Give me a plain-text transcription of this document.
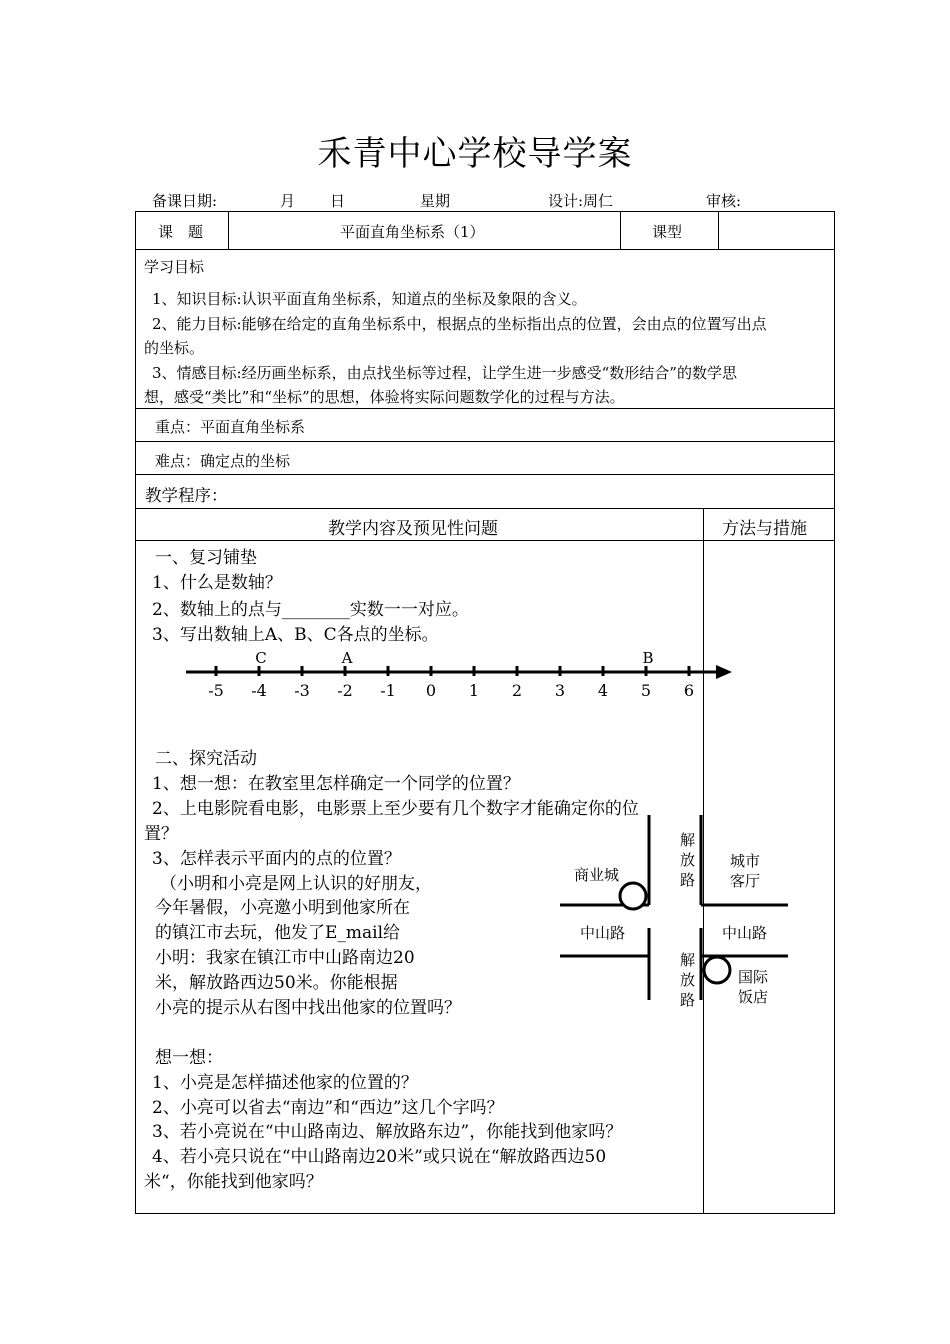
禾青中心学校导学案
备课日期:	月 日	星期	设计:周仁	审核:
课　题	平面直角坐标系（1）	课型
学习目标
1、知识目标:认识平面直角坐标系，知道点的坐标及象限的含义。
2、能力目标:能够在给定的直角坐标系中，根据点的坐标指出点的位置，会由点的位置写出点
的坐标。
3、情感目标:经历画坐标系，由点找坐标等过程，让学生进一步感受“数形结合”的数学思
想，感受“类比”和“坐标”的思想，体验将实际问题数学化的过程与方法。
重点：平面直角坐标系
难点：确定点的坐标
教学程序：
教学内容及预见性问题	方法与措施
一、复习铺垫
1、什么是数轴？
2、数轴上的点与________实数一一对应。
3、写出数轴上A、B、C各点的坐标。
-5 -4 -3 -2 -1 0 1 2 3 4 5 6
C	A	B
二、探究活动
1、想一想：在教室里怎样确定一个同学的位置？
2、上电影院看电影，电影票上至少要有几个数字才能确定你的位
置？
3、怎样表示平面内的点的位置？
（小明和小亮是网上认识的好朋友，
今年暑假，小亮邀小明到他家所在
的镇江市去玩，他发了E_mail给
小明：我家在镇江市中山路南边20
米，解放路西边50米。你能根据
小亮的提示从右图中找出他家的位置吗？
商业城
解放路
解放路
城市
客厅
中山路	中山路
国际
饭店
想一想：
1、小亮是怎样描述他家的位置的？
2、小亮可以省去“南边”和“西边”这几个字吗？
3、若小亮说在“中山路南边、解放路东边”，你能找到他家吗？
4、若小亮只说在“中山路南边20米”或只说在“解放路西边50
米“，你能找到他家吗？
